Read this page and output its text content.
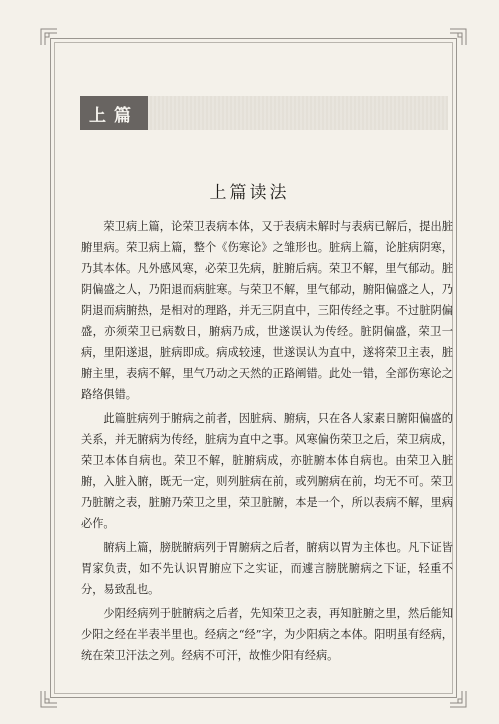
上篇
上篇读法

荣卫病上篇，论荣卫表病本体，又于表病未解时与表病已解后，提出脏腑里病。荣卫病上篇，整个《伤寒论》之雏形也。脏病上篇，论脏病阴寒，乃其本体。凡外感风寒，必荣卫先病，脏腑后病。荣卫不解，里气郁动。脏阴偏盛之人，乃阳退而病脏寒。与荣卫不解，里气郁动，腑阳偏盛之人，乃阴退而病腑热，是相对的理路，并无三阴直中，三阳传经之事。不过脏阴偏盛，亦须荣卫已病数日，腑病乃成，世遂误认为传经。脏阴偏盛，荣卫一病，里阳遂退，脏病即成。病成较速，世遂误认为直中，遂将荣卫主表，脏腑主里，表病不解，里气乃动之天然的正路阐错。此处一错，全部伤寒论之路络俱错。

此篇脏病列于腑病之前者，因脏病、腑病，只在各人家素日腑阳偏盛的关系，并无腑病为传经，脏病为直中之事。风寒偏伤荣卫之后，荣卫病成，荣卫本体自病也。荣卫不解，脏腑病成，亦脏腑本体自病也。由荣卫入脏腑，入脏入腑，既无一定，则列脏病在前，或列腑病在前，均无不可。荣卫乃脏腑之表，脏腑乃荣卫之里，荣卫脏腑，本是一个，所以表病不解，里病必作。

腑病上篇，膀胱腑病列于胃腑病之后者，腑病以胃为主体也。凡下证皆胃家负责，如不先认识胃腑应下之实证，而遽言膀胱腑病之下证，轻重不分，易致乱也。

少阳经病列于脏腑病之后者，先知荣卫之表，再知脏腑之里，然后能知少阳之经在半表半里也。经病之“经”字，为少阳病之本体。阳明虽有经病，统在荣卫汗法之列。经病不可汗，故惟少阳有经病。
